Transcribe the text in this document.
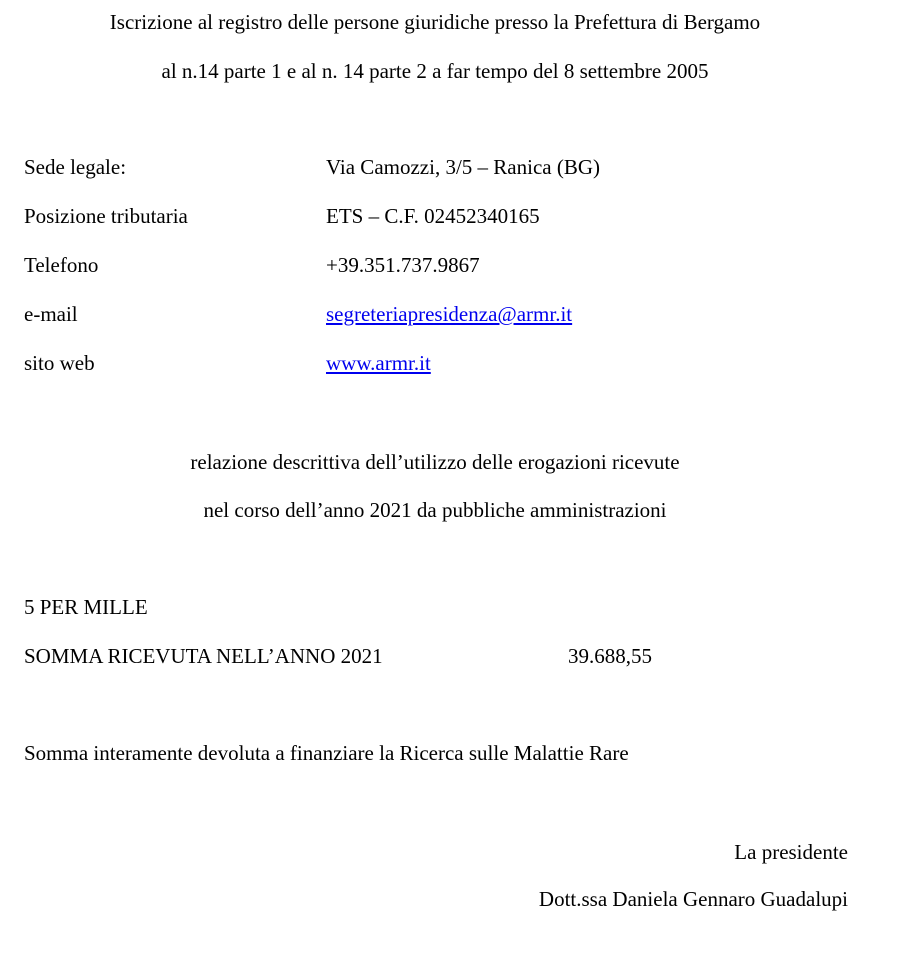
Iscrizione al registro delle persone giuridiche presso la Prefettura di Bergamo
al n.14 parte 1 e al n. 14 parte 2 a far tempo del 8 settembre 2005
Sede legale:	Via Camozzi, 3/5 – Ranica (BG)
Posizione tributaria	ETS – C.F. 02452340165
Telefono	+39.351.737.9867
e-mail	segreteriapresidenza@armr.it
sito web	www.armr.it
relazione descrittiva dell’utilizzo delle erogazioni ricevute
nel corso dell’anno 2021 da pubbliche amministrazioni
5 PER MILLE
SOMMA RICEVUTA NELL’ANNO 2021	39.688,55
Somma interamente devoluta a finanziare la Ricerca sulle Malattie Rare
La presidente
Dott.ssa Daniela Gennaro Guadalupi
